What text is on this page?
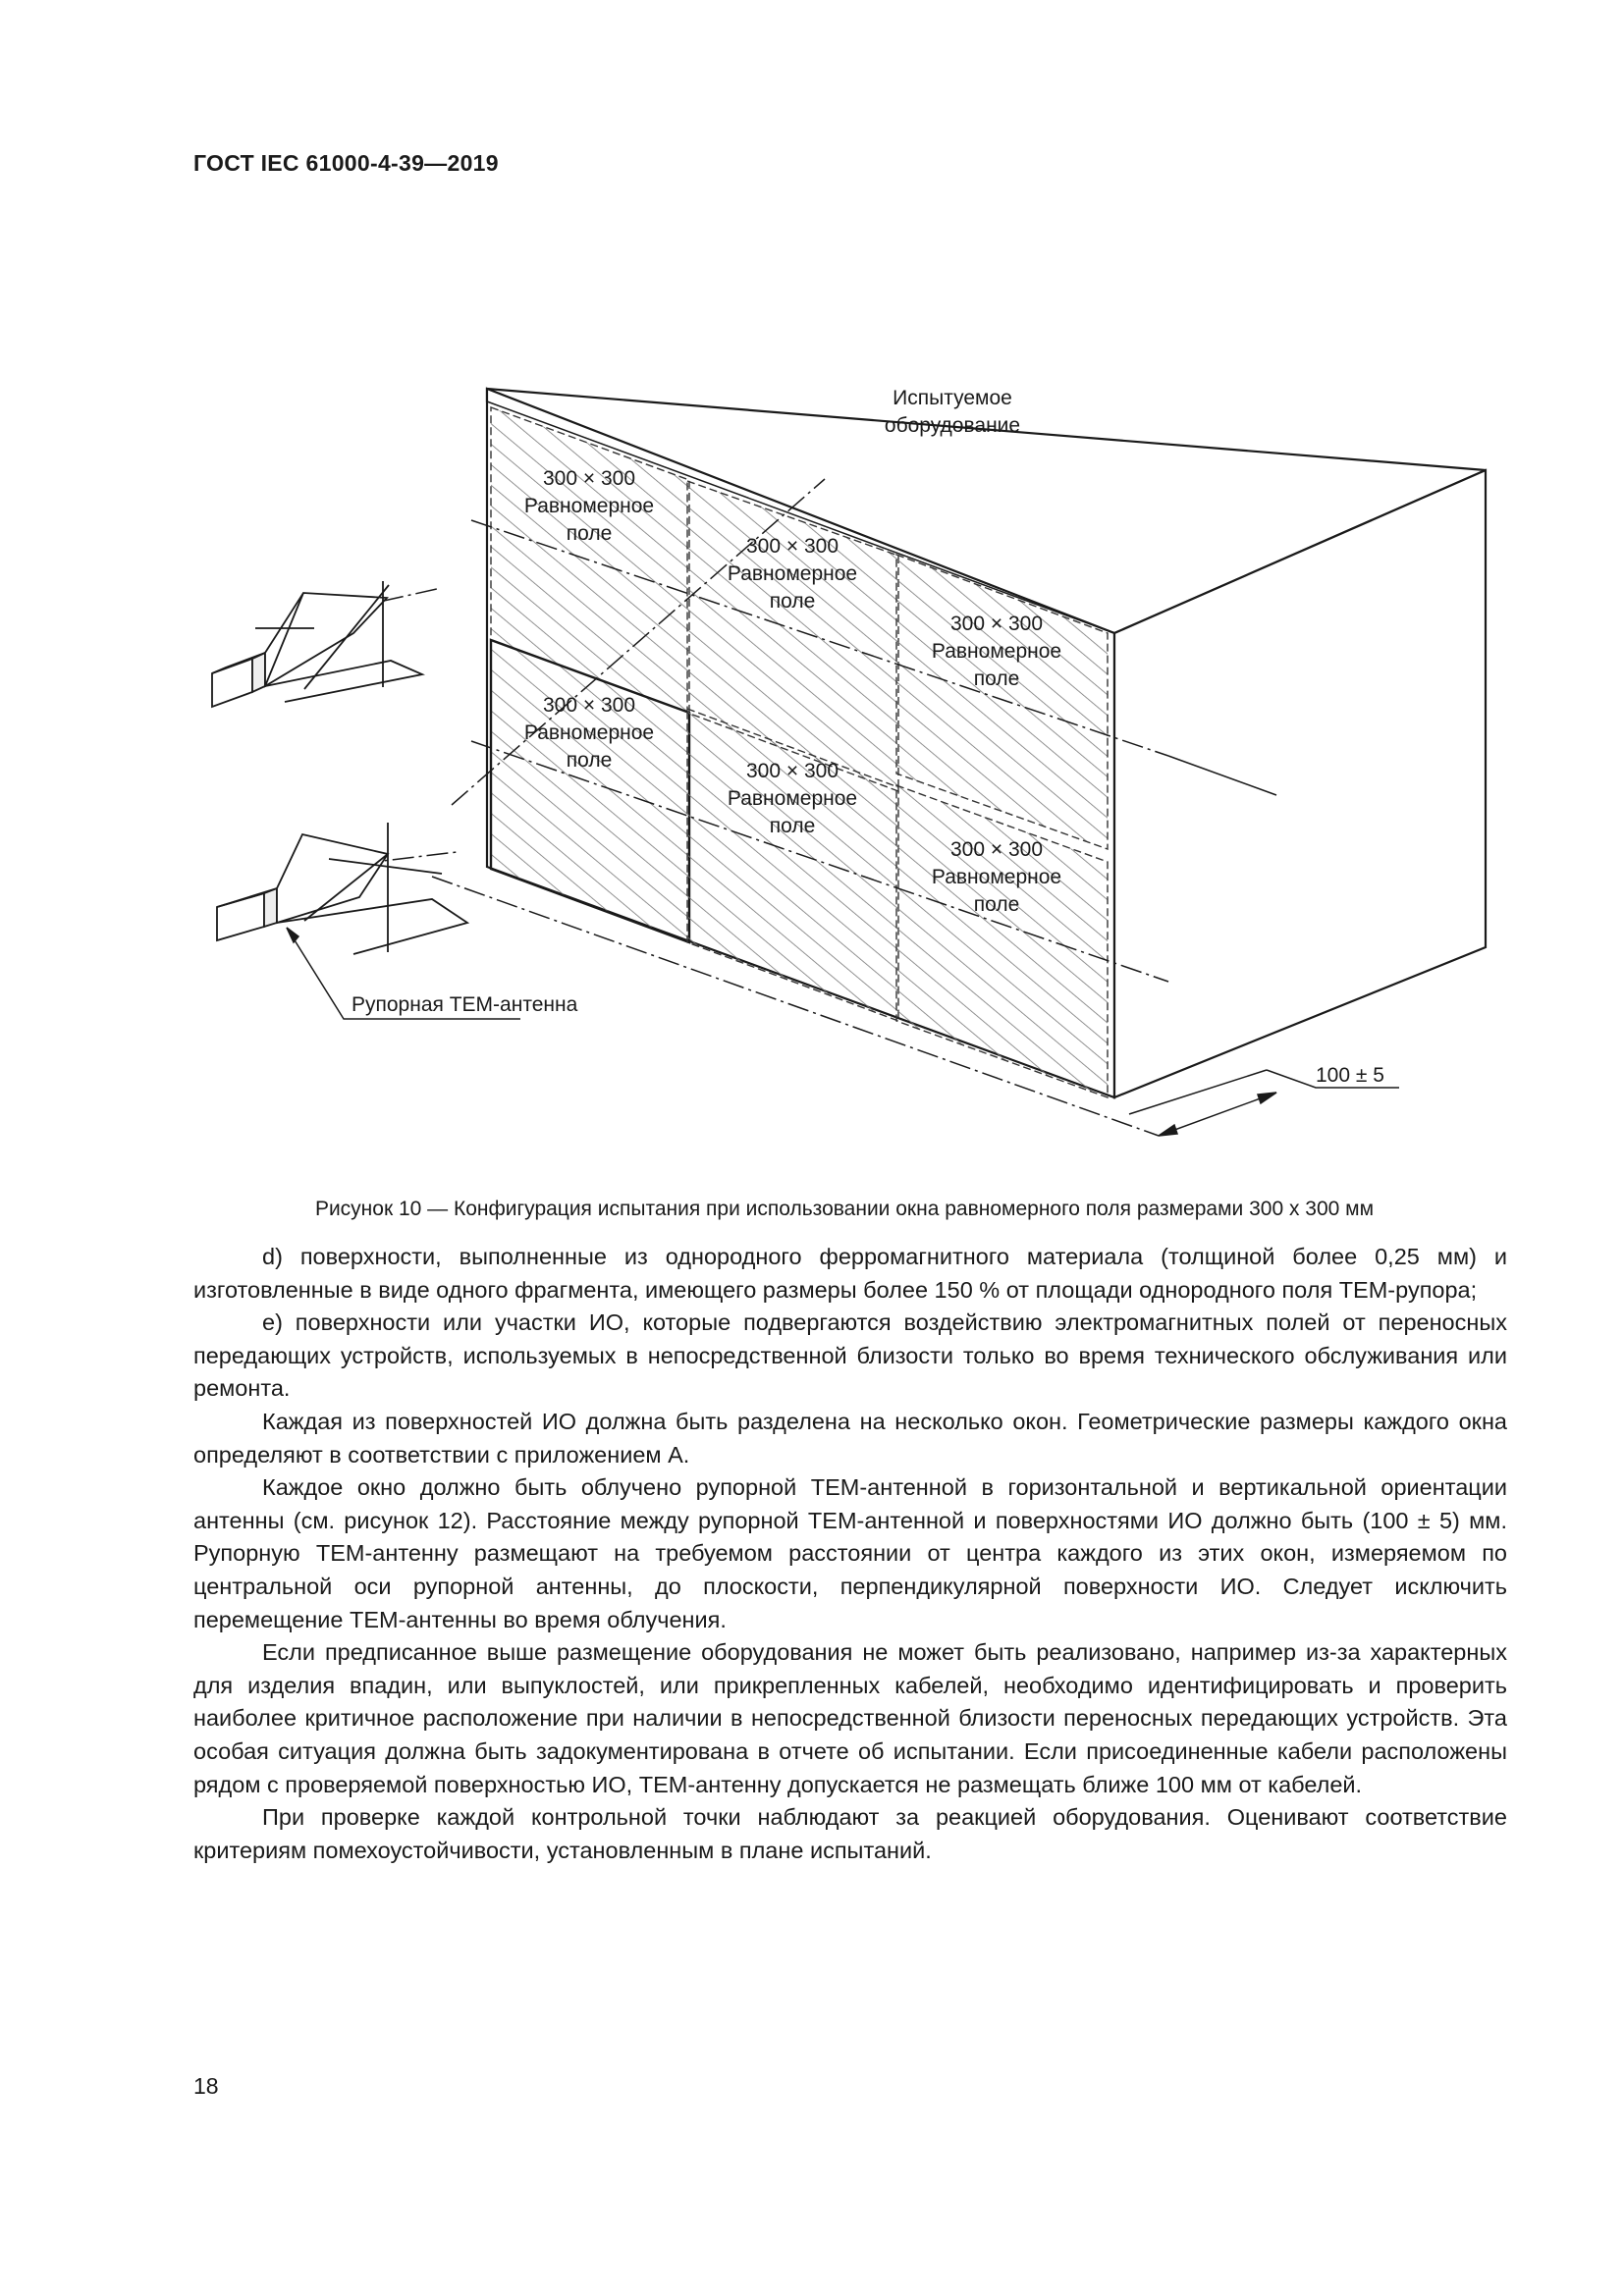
ГОСТ IEC 61000-4-39—2019
100 ± 5
Рупорная TEM-антенна
Испытуемое
оборудование
300 × 300
Равномерное
поле
300 × 300
Равномерное
поле
300 × 300
Равномерное
поле
300 × 300
Равномерное
поле	300 × 300
Равномерное
поле
300 × 300
Равномерное
поле
Рисунок 10 — Конфигурация испытания при использовании окна равномерного поля размерами 300 х 300 мм

d) поверхности, выполненные из однородного ферромагнитного материала (толщиной более 0,25 мм) и изготовленные в виде одного фрагмента, имеющего размеры более 150 % от площади однородного поля TEM-рупора;

e) поверхности или участки ИО, которые подвергаются воздействию электромагнитных полей от переносных передающих устройств, используемых в непосредственной близости только во время технического обслуживания или ремонта.

Каждая из поверхностей ИО должна быть разделена на несколько окон. Геометрические размеры каждого окна определяют в соответствии с приложением А.

Каждое окно должно быть облучено рупорной TEM-антенной в горизонтальной и вертикальной ориентации антенны (см. рисунок 12). Расстояние между рупорной TEM-антенной и поверхностями ИО должно быть (100 ± 5) мм. Рупорную TEM-антенну размещают на требуемом расстоянии от центра каждого из этих окон, измеряемом по центральной оси рупорной антенны, до плоскости, перпендикулярной поверхности ИО. Следует исключить перемещение TEM-антенны во время облучения.

Если предписанное выше размещение оборудования не может быть реализовано, например из-за характерных для изделия впадин, или выпуклостей, или прикрепленных кабелей, необходимо идентифицировать и проверить наиболее критичное расположение при наличии в непосредственной близости переносных передающих устройств. Эта особая ситуация должна быть задокументирована в отчете об испытании. Если присоединенные кабели расположены рядом с проверяемой поверхностью ИО, TEM-антенну допускается не размещать ближе 100 мм от кабелей.

При проверке каждой контрольной точки наблюдают за реакцией оборудования. Оценивают соответствие критериям помехоустойчивости, установленным в плане испытаний.

18
